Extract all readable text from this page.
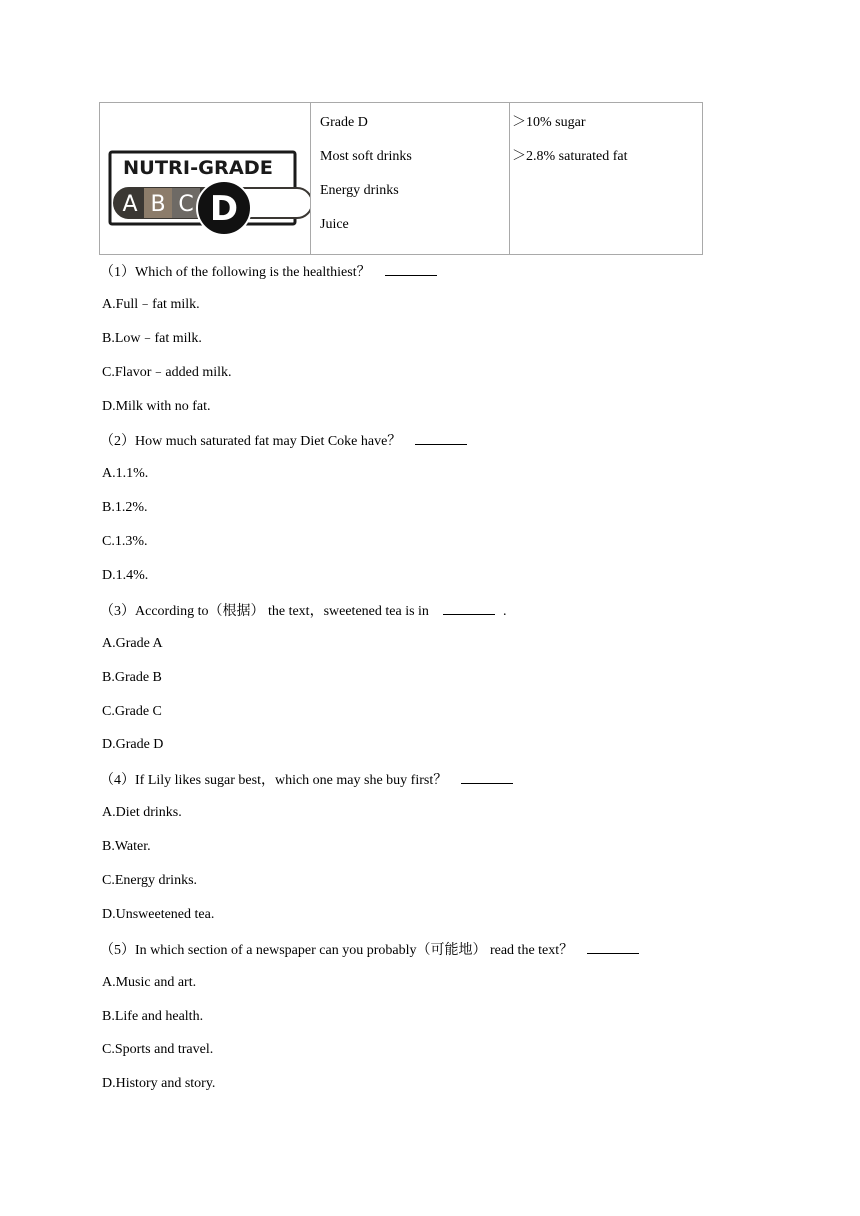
NUTRI-GRADE
A B C D

Grade D
Most soft drinks
Energy drinks
Juice

＞10% sugar
＞2.8% saturated fat
（1）Which of the following is the healthiest？
A.Full﹣fat milk.
B.Low﹣fat milk.
C.Flavor﹣added milk.
D.Milk with no fat.
（2）How much saturated fat may Diet Coke have？
A.1.1%.
B.1.2%.
C.1.3%.
D.1.4%.
（3）According to（根据） the text，sweetened tea is in	.
A.Grade A
B.Grade B
C.Grade C
D.Grade D
（4）If Lily likes sugar best，which one may she buy first？
A.Diet drinks.
B.Water.
C.Energy drinks.
D.Unsweetened tea.
（5）In which section of a newspaper can you probably（可能地） read the text？
A.Music and art.
B.Life and health.
C.Sports and travel.
D.History and story.
